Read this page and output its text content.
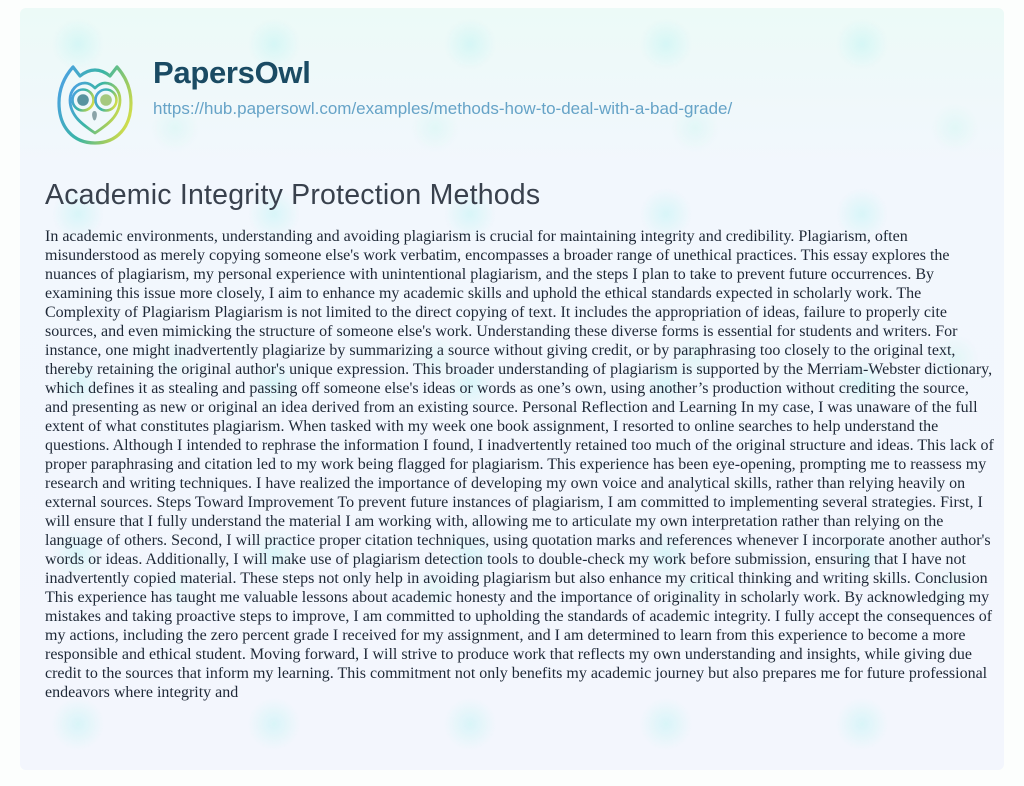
PapersOwl
https://hub.papersowl.com/examples/methods-how-to-deal-with-a-bad-grade/
Academic Integrity Protection Methods

In academic environments, understanding and avoiding plagiarism is crucial for maintaining integrity and credibility. Plagiarism, often misunderstood as merely copying someone else's work verbatim, encompasses a broader range of unethical practices. This essay explores the nuances of plagiarism, my personal experience with unintentional plagiarism, and the steps I plan to take to prevent future occurrences. By examining this issue more closely, I aim to enhance my academic skills and uphold the ethical standards expected in scholarly work. The Complexity of Plagiarism Plagiarism is not limited to the direct copying of text. It includes the appropriation of ideas, failure to properly cite sources, and even mimicking the structure of someone else's work. Understanding these diverse forms is essential for students and writers. For instance, one might inadvertently plagiarize by summarizing a source without giving credit, or by paraphrasing too closely to the original text, thereby retaining the original author's unique expression. This broader understanding of plagiarism is supported by the Merriam-Webster dictionary, which defines it as stealing and passing off someone else's ideas or words as one’s own, using another’s production without crediting the source, and presenting as new or original an idea derived from an existing source. Personal Reflection and Learning In my case, I was unaware of the full extent of what constitutes plagiarism. When tasked with my week one book assignment, I resorted to online searches to help understand the questions. Although I intended to rephrase the information I found, I inadvertently retained too much of the original structure and ideas. This lack of proper paraphrasing and citation led to my work being flagged for plagiarism. This experience has been eye-opening, prompting me to reassess my research and writing techniques. I have realized the importance of developing my own voice and analytical skills, rather than relying heavily on external sources. Steps Toward Improvement To prevent future instances of plagiarism, I am committed to implementing several strategies. First, I will ensure that I fully understand the material I am working with, allowing me to articulate my own interpretation rather than relying on the language of others. Second, I will practice proper citation techniques, using quotation marks and references whenever I incorporate another author's words or ideas. Additionally, I will make use of plagiarism detection tools to double-check my work before submission, ensuring that I have not inadvertently copied material. These steps not only help in avoiding plagiarism but also enhance my critical thinking and writing skills. Conclusion This experience has taught me valuable lessons about academic honesty and the importance of originality in scholarly work. By acknowledging my mistakes and taking proactive steps to improve, I am committed to upholding the standards of academic integrity. I fully accept the consequences of my actions, including the zero percent grade I received for my assignment, and I am determined to learn from this experience to become a more responsible and ethical student. Moving forward, I will strive to produce work that reflects my own understanding and insights, while giving due credit to the sources that inform my learning. This commitment not only benefits my academic journey but also prepares me for future professional endeavors where integrity and
